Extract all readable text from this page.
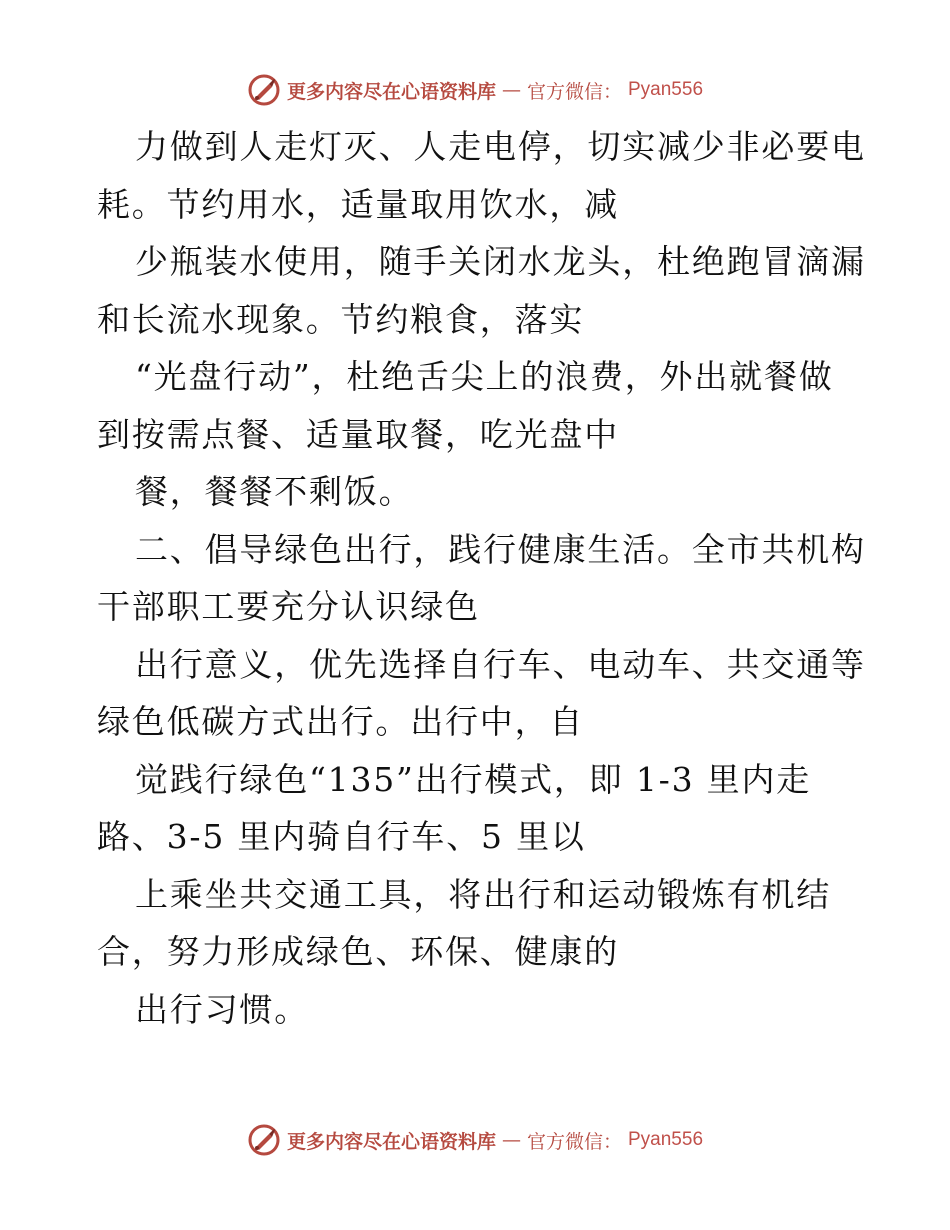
更多内容尽在心语资料库 — 官方微信： Pyan556
力做到人走灯灭、人走电停，切实减少非必要电
耗。节约用水，适量取用饮水，减
少瓶装水使用，随手关闭水龙头，杜绝跑冒滴漏
和长流水现象。节约粮食，落实
“光盘行动”，杜绝舌尖上的浪费，外出就餐做
到按需点餐、适量取餐，吃光盘中
餐，餐餐不剩饭。
二、倡导绿色出行，践行健康生活。全市共机构
干部职工要充分认识绿色
出行意义，优先选择自行车、电动车、共交通等
绿色低碳方式出行。出行中，自
觉践行绿色“135”出行模式，即 1-3 里内走
路、3-5 里内骑自行车、5 里以
上乘坐共交通工具，将出行和运动锻炼有机结
合，努力形成绿色、环保、健康的
出行习惯。
更多内容尽在心语资料库 — 官方微信： Pyan556
